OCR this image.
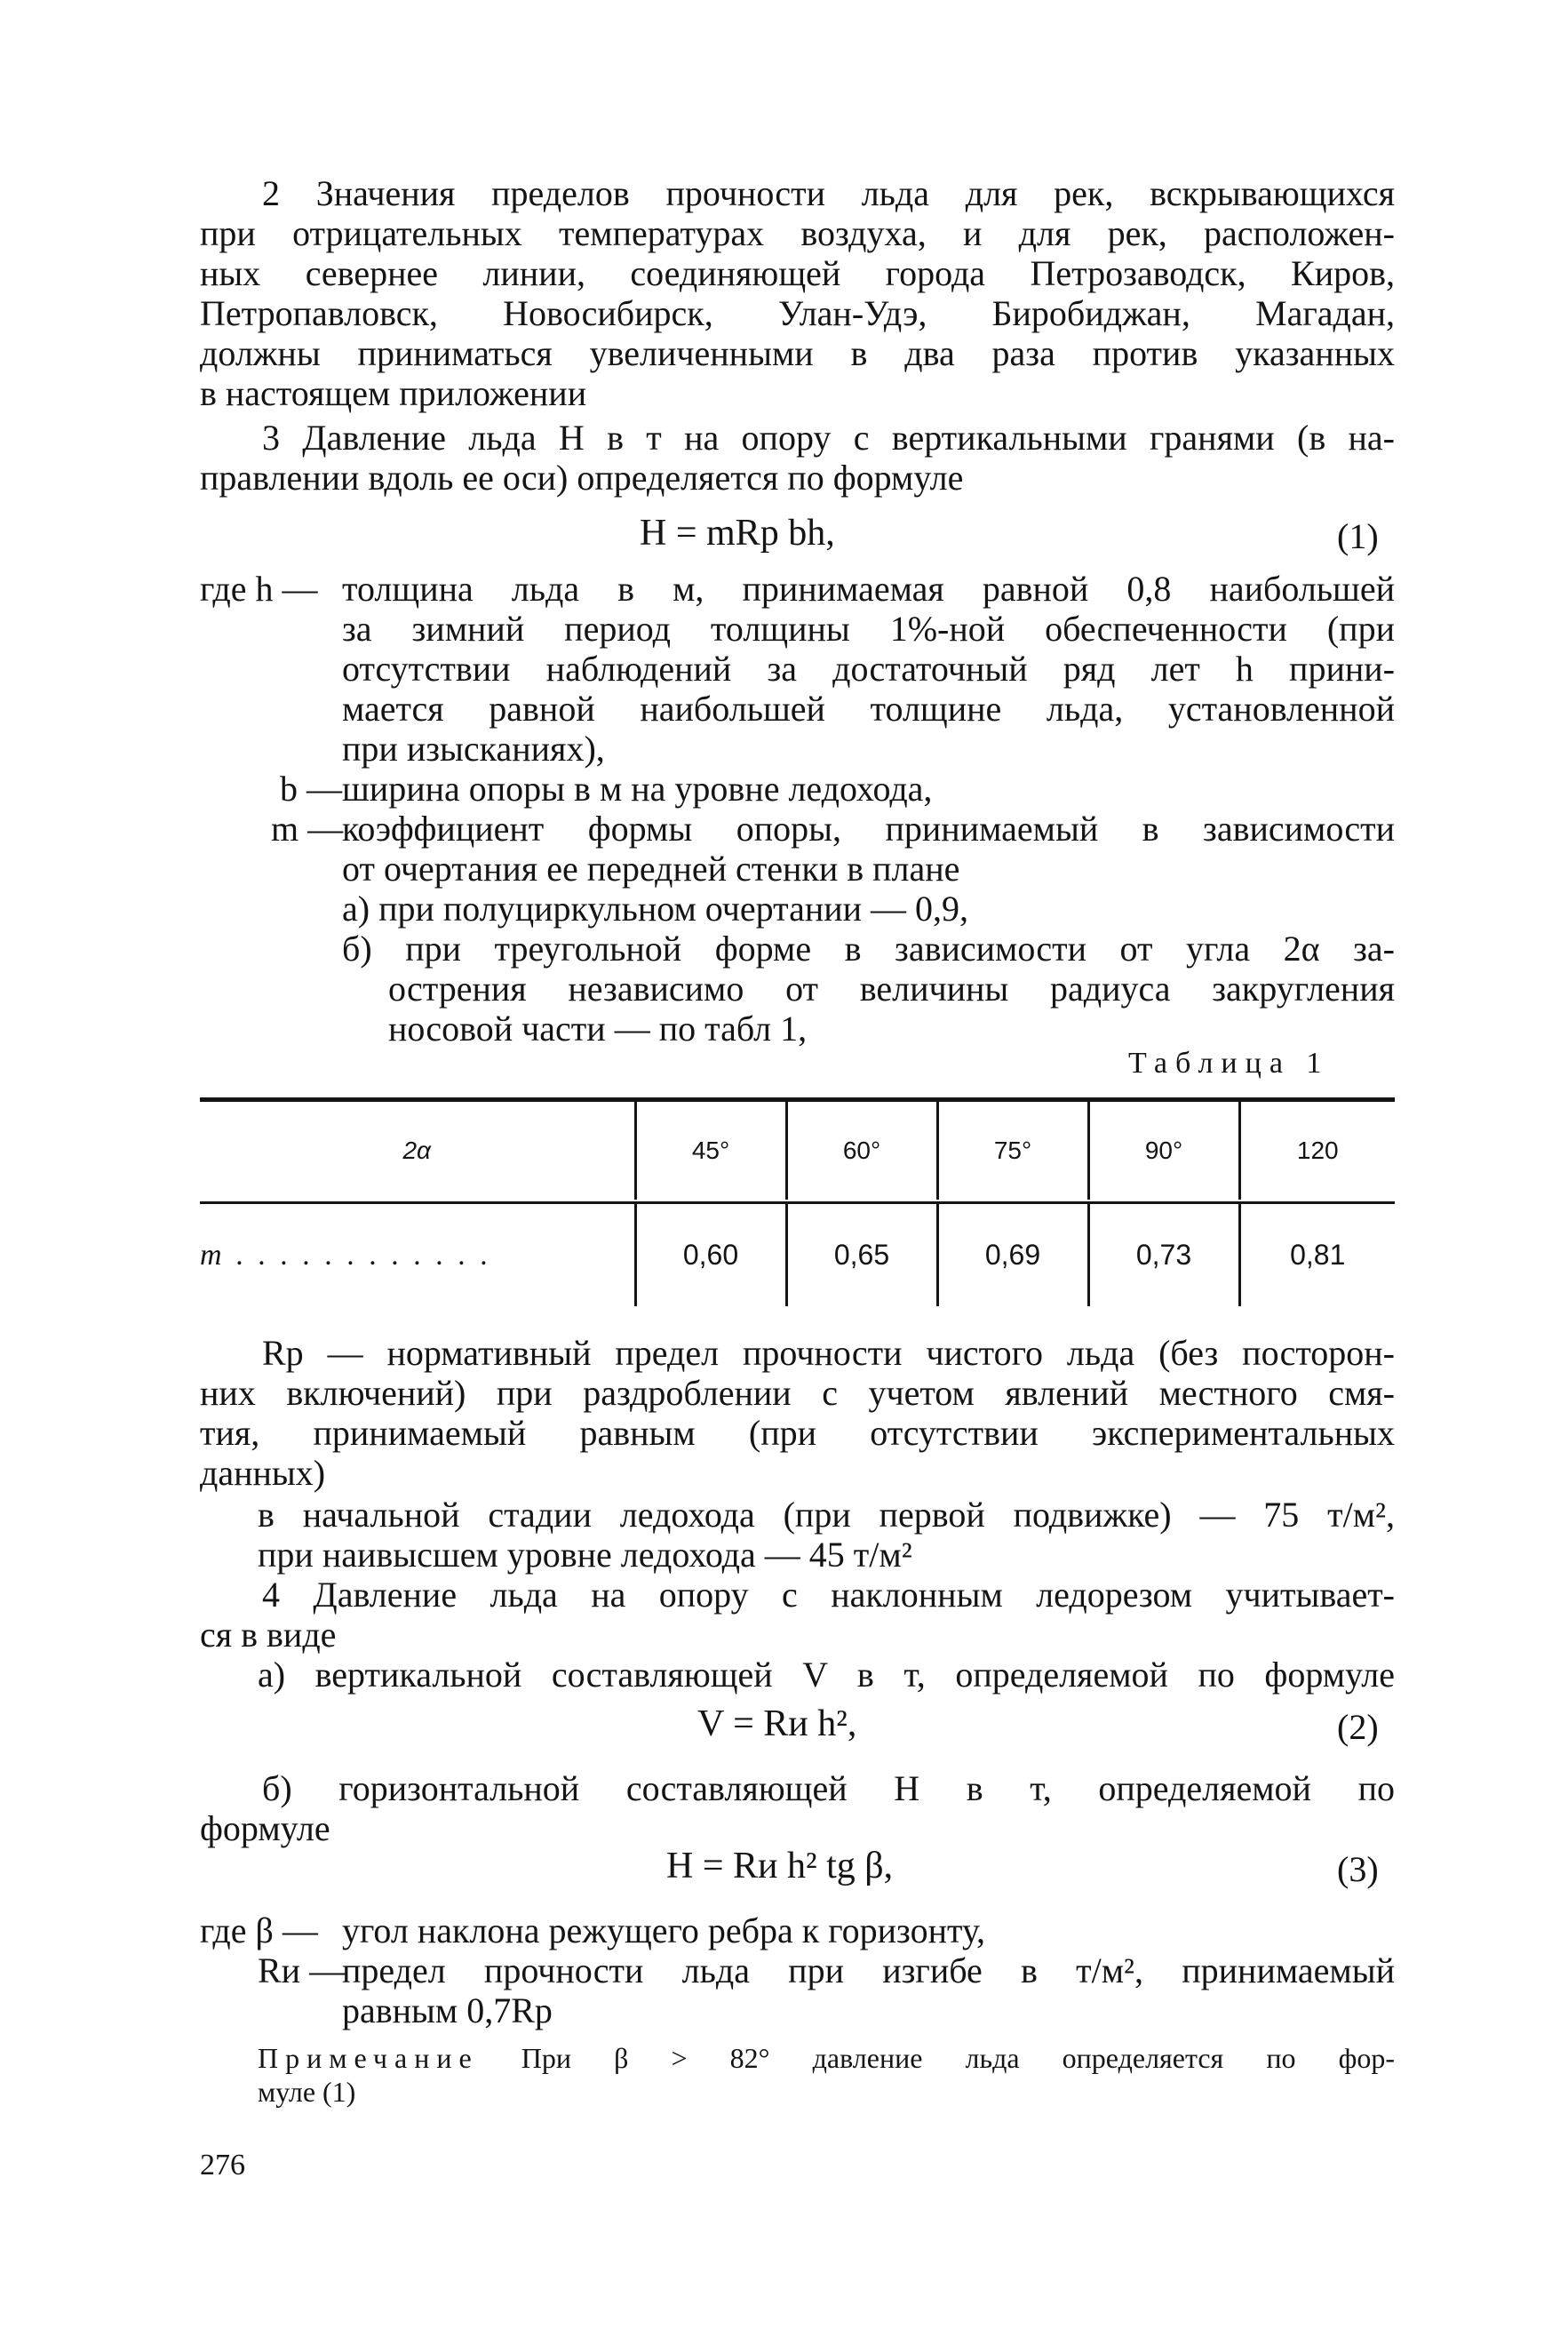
2 Значения пределов прочности льда для рек, вскрывающихся

при отрицательных температурах воздуха, и для рек, расположен-

ных севернее линии, соединяющей города Петрозаводск, Киров,

Петропавловск, Новосибирск, Улан-Удэ, Биробиджан, Магадан,

должны приниматься увеличенными в два раза против указанных

в настоящем приложении

3 Давление льда H в т на опору с вертикальными гранями (в на-

правлении вдоль ее оси) определяется по формуле

H = mRр bh,	(1)
где h — толщина льда в м, принимаемая равной 0,8 наибольшей

за зимний период толщины 1%-ной обеспеченности (при

отсутствии наблюдений за достаточный ряд лет h прини-

мается равной наибольшей толщине льда, установленной

при изысканиях),

b — ширина опоры в м на уровне ледохода,
m —

коэффициент формы опоры, принимаемый в зависимости

от очертания ее передней стенки в плане

а) при полуциркульном очертании — 0,9,

б) при треугольной форме в зависимости от угла 2α за-

острения независимо от величины радиуса закругления

носовой части — по табл 1,

Таблица 1
2α	45°	60°	75°	90°	120
m . . . . . . . . . . . .	0,60	0,65	0,69	0,73	0,81

Rр — нормативный предел прочности чистого льда (без посторон-

них включений) при раздроблении с учетом явлений местного смя-

тия, принимаемый равным (при отсутствии экспериментальных

данных)

в начальной стадии ледохода (при первой подвижке) — 75 т/м²,

при наивысшем уровне ледохода — 45 т/м²

4 Давление льда на опору с наклонным ледорезом учитывает-

ся в виде

а) вертикальной составляющей V в т, определяемой по формуле
V = Rи h²,	(2)

б) горизонтальной составляющей H в т, определяемой по

формуле

H = Rи h² tg β,	(3)
где β — угол наклона режущего ребра к горизонту,
Rи —

предел прочности льда при изгибе в т/м², принимаемый

равным 0,7Rр

Примечание При β > 82° давление льда определяется по фор-
муле (1)
276
